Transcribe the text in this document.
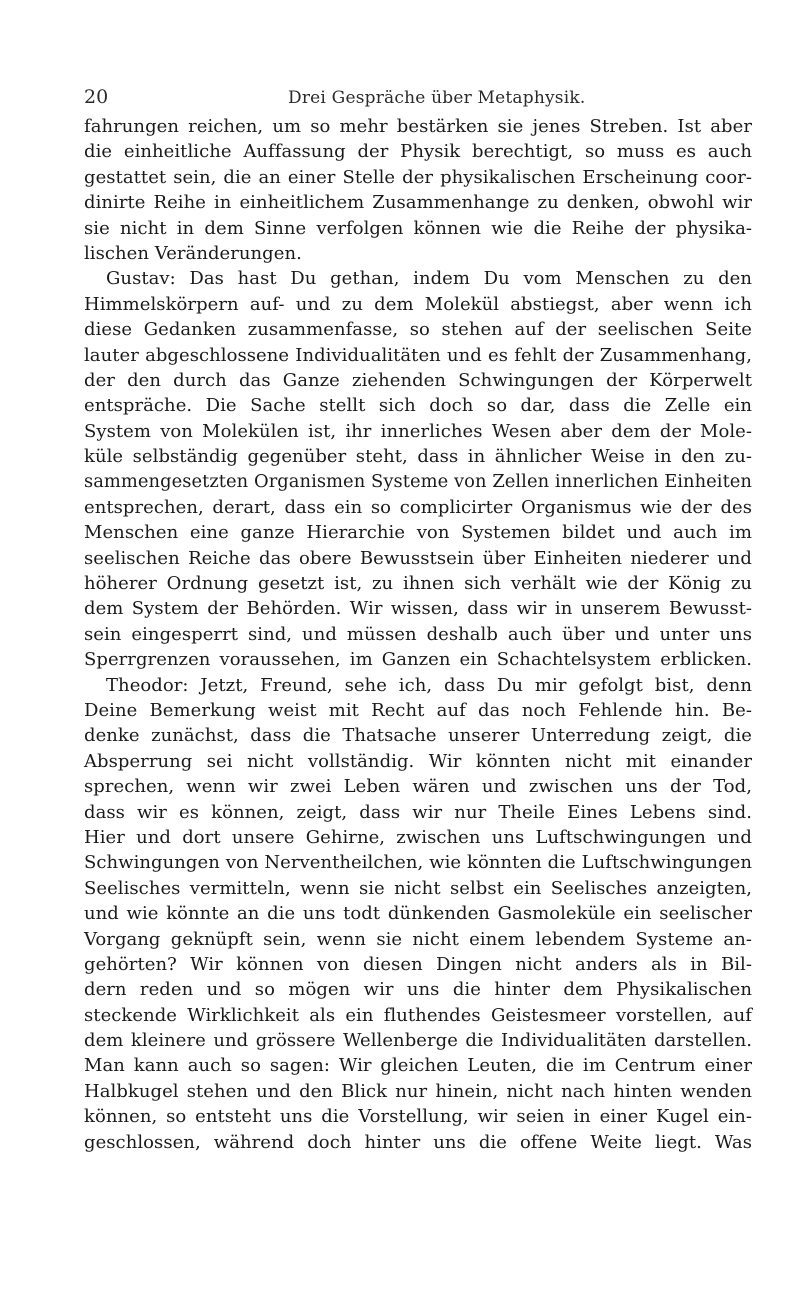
20	Drei Gespräche über Metaphysik.
fahrungen reichen, um so mehr bestärken sie jenes Streben. Ist aber
die einheitliche Auffassung der Physik berechtigt, so muss es auch
gestattet sein, die an einer Stelle der physikalischen Erscheinung coor-
dinirte Reihe in einheitlichem Zusammenhange zu denken, obwohl wir
sie nicht in dem Sinne verfolgen können wie die Reihe der physika-
lischen Veränderungen.
Gustav: Das hast Du gethan, indem Du vom Menschen zu den
Himmelskörpern auf- und zu dem Molekül abstiegst, aber wenn ich
diese Gedanken zusammenfasse, so stehen auf der seelischen Seite
lauter abgeschlossene Individualitäten und es fehlt der Zusammenhang,
der den durch das Ganze ziehenden Schwingungen der Körperwelt
entspräche. Die Sache stellt sich doch so dar, dass die Zelle ein
System von Molekülen ist, ihr innerliches Wesen aber dem der Mole-
küle selbständig gegenüber steht, dass in ähnlicher Weise in den zu-
sammengesetzten Organismen Systeme von Zellen innerlichen Einheiten
entsprechen, derart, dass ein so complicirter Organismus wie der des
Menschen eine ganze Hierarchie von Systemen bildet und auch im
seelischen Reiche das obere Bewusstsein über Einheiten niederer und
höherer Ordnung gesetzt ist, zu ihnen sich verhält wie der König zu
dem System der Behörden. Wir wissen, dass wir in unserem Bewusst-
sein eingesperrt sind, und müssen deshalb auch über und unter uns
Sperrgrenzen voraussehen, im Ganzen ein Schachtelsystem erblicken.
Theodor: Jetzt, Freund, sehe ich, dass Du mir gefolgt bist, denn
Deine Bemerkung weist mit Recht auf das noch Fehlende hin. Be-
denke zunächst, dass die Thatsache unserer Unterredung zeigt, die
Absperrung sei nicht vollständig. Wir könnten nicht mit einander
sprechen, wenn wir zwei Leben wären und zwischen uns der Tod,
dass wir es können, zeigt, dass wir nur Theile Eines Lebens sind.
Hier und dort unsere Gehirne, zwischen uns Luftschwingungen und
Schwingungen von Nerventheilchen, wie könnten die Luftschwingungen
Seelisches vermitteln, wenn sie nicht selbst ein Seelisches anzeigten,
und wie könnte an die uns todt dünkenden Gasmoleküle ein seelischer
Vorgang geknüpft sein, wenn sie nicht einem lebendem Systeme an-
gehörten? Wir können von diesen Dingen nicht anders als in Bil-
dern reden und so mögen wir uns die hinter dem Physikalischen
steckende Wirklichkeit als ein fluthendes Geistesmeer vorstellen, auf
dem kleinere und grössere Wellenberge die Individualitäten darstellen.
Man kann auch so sagen: Wir gleichen Leuten, die im Centrum einer
Halbkugel stehen und den Blick nur hinein, nicht nach hinten wenden
können, so entsteht uns die Vorstellung, wir seien in einer Kugel ein-
geschlossen, während doch hinter uns die offene Weite liegt. Was
